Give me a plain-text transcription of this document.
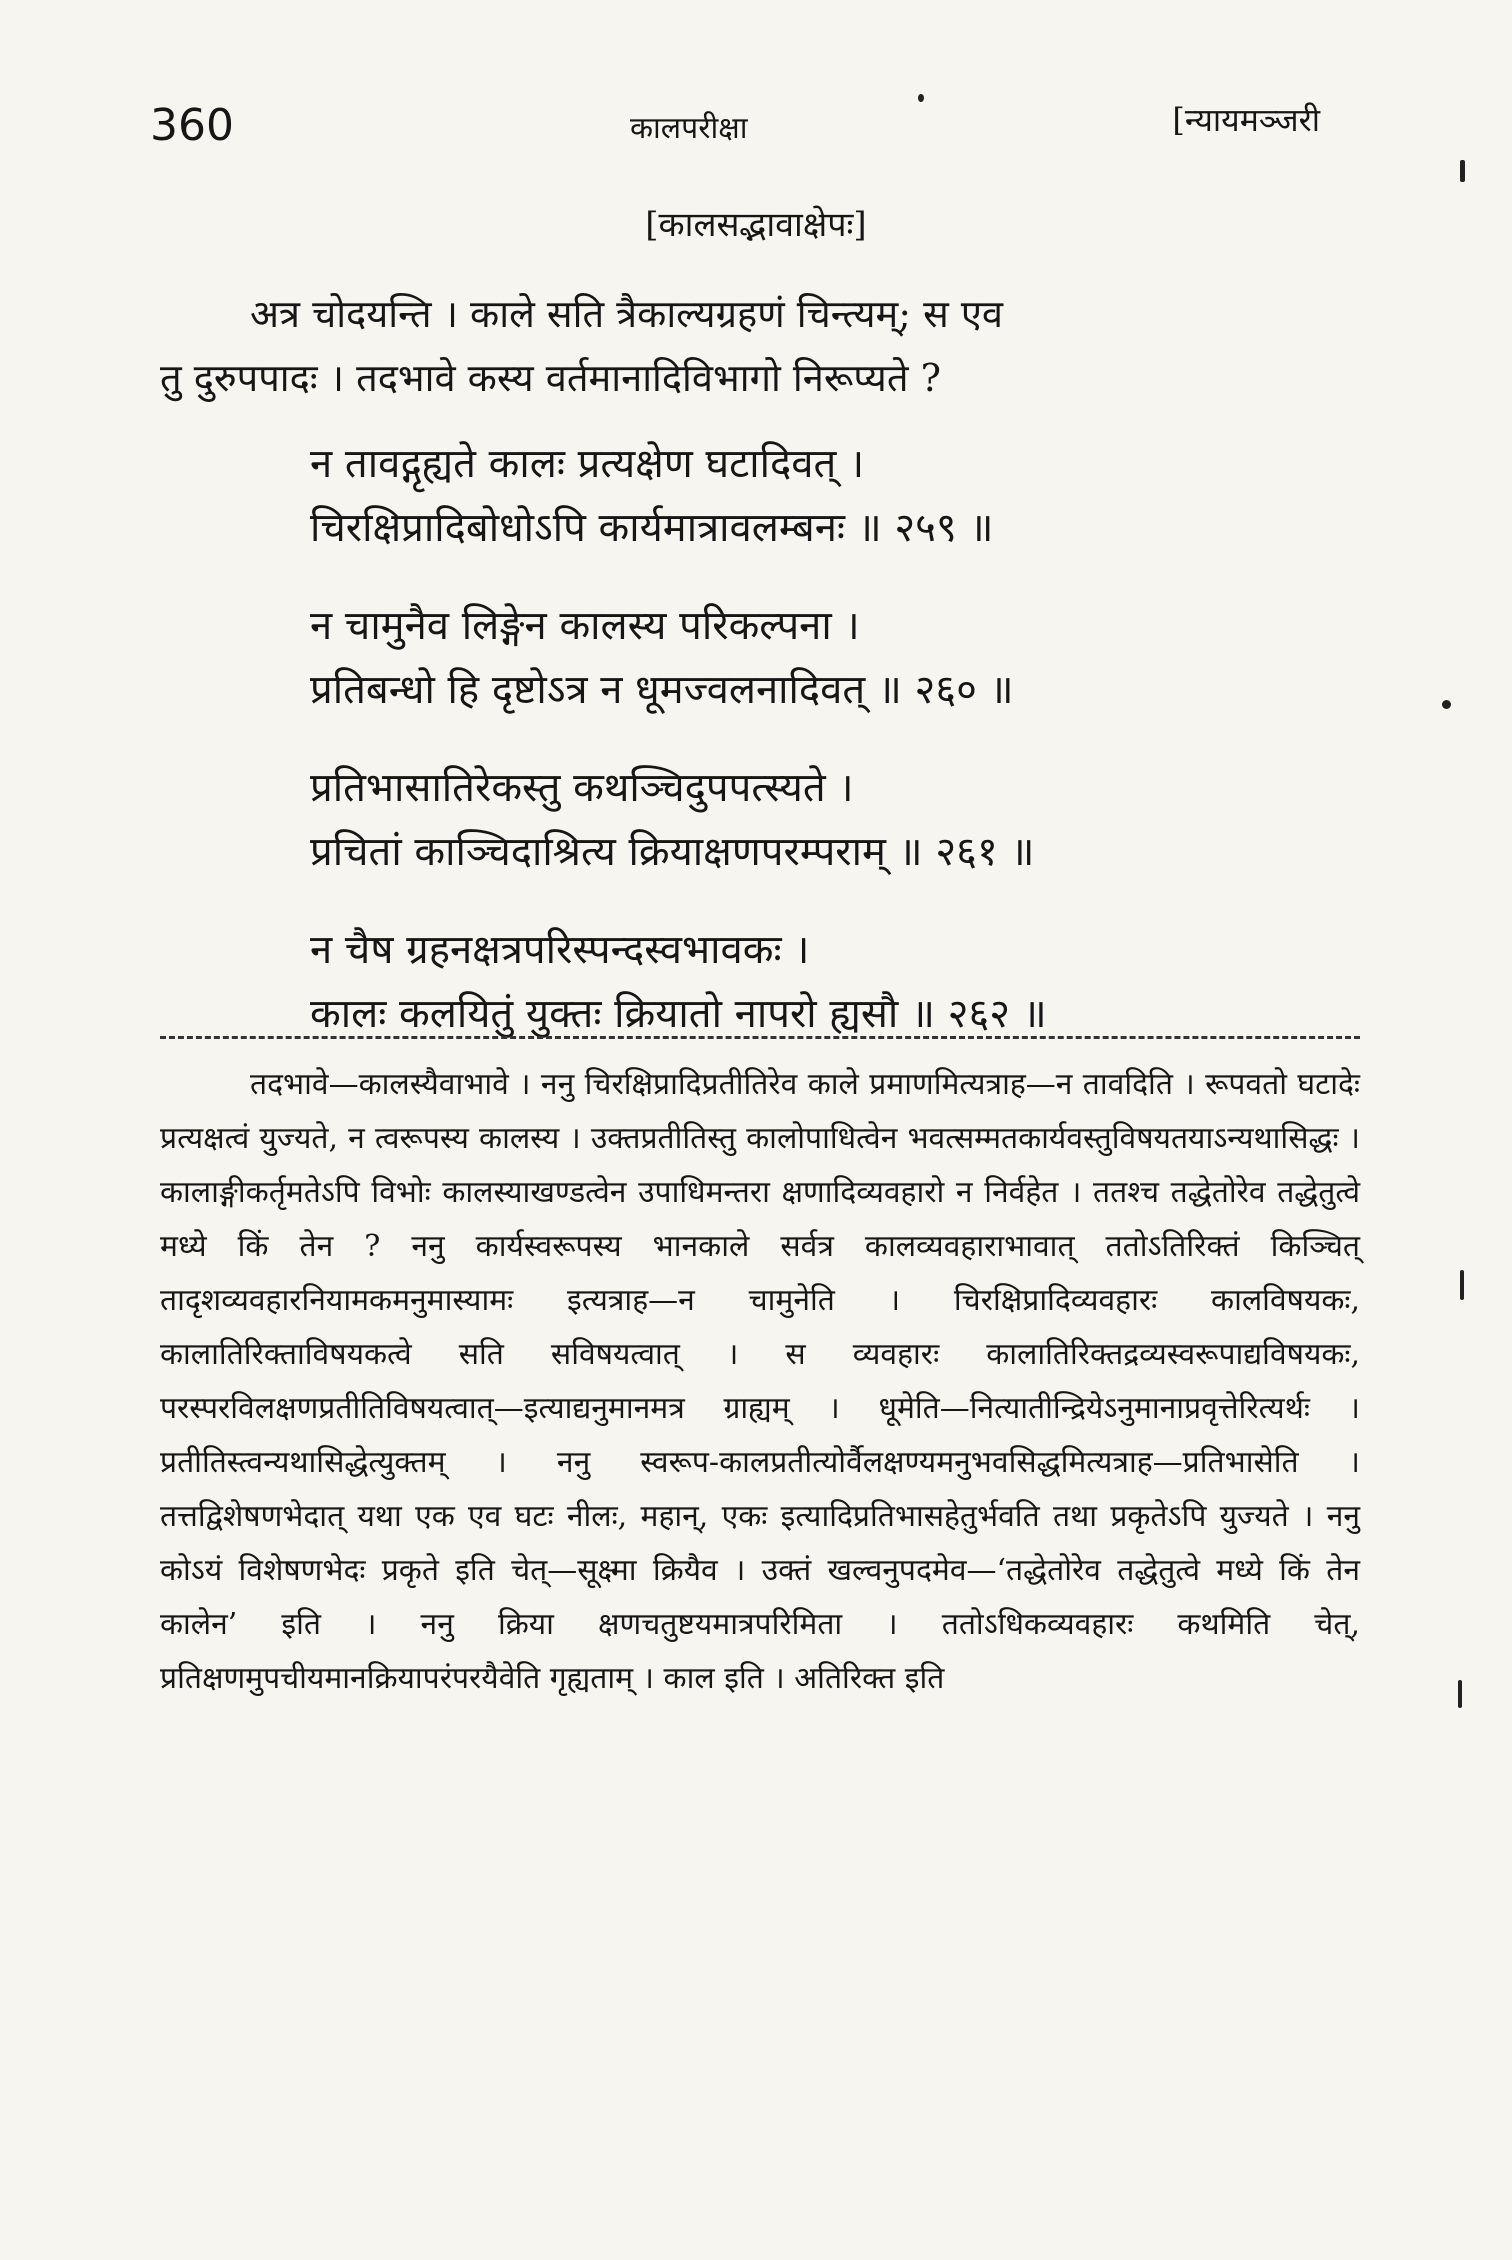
360	कालपरीक्षा	[न्यायमञ्जरी
[कालसद्भावाक्षेपः]

अत्र चोदयन्ति । काले सति त्रैकाल्यग्रहणं चिन्त्यम्; स एव

तु दुरुपपादः । तदभावे कस्य वर्तमानादिविभागो निरूप्यते ?

न तावद्गृह्यते कालः प्रत्यक्षेण घटादिवत् ।
चिरक्षिप्रादिबोधोऽपि कार्यमात्रावलम्बनः ॥ २५९ ॥
न चामुनैव लिङ्गेन कालस्य परिकल्पना ।
प्रतिबन्धो हि दृष्टोऽत्र न धूमज्वलनादिवत् ॥ २६० ॥
प्रतिभासातिरेकस्तु कथञ्चिदुपपत्स्यते ।
प्रचितां काञ्चिदाश्रित्य क्रियाक्षणपरम्पराम् ॥ २६१ ॥
न चैष ग्रहनक्षत्रपरिस्पन्दस्वभावकः ।
कालः कलयितुं युक्तः क्रियातो नापरो ह्यसौ ॥ २६२ ॥

तदभावे—कालस्यैवाभावे । ननु चिरक्षिप्रादिप्रतीतिरेव काले प्रमाणमित्यत्राह—न तावदिति । रूपवतो घटादेः प्रत्यक्षत्वं युज्यते, न त्वरूपस्य कालस्य । उक्तप्रतीतिस्तु कालोपाधित्वेन भवत्सम्मतकार्यवस्तुविषयतयाऽन्यथासिद्धः । कालाङ्गीकर्तृमतेऽपि विभोः कालस्याखण्डत्वेन उपाधिमन्तरा क्षणादिव्यवहारो न निर्वहेत । ततश्च तद्धेतोरेव तद्धेतुत्वे मध्ये किं तेन ? ननु कार्यस्वरूपस्य भानकाले सर्वत्र कालव्यवहाराभावात् ततोऽतिरिक्तं किञ्चित् तादृशव्यवहारनियामकमनुमास्यामः इत्यत्राह—न चामुनेति । चिरक्षिप्रादिव्यवहारः कालविषयकः, कालातिरिक्ताविषयकत्वे सति सविषयत्वात् । स व्यवहारः कालातिरिक्तद्रव्यस्वरूपाद्यविषयकः, परस्परविलक्षणप्रतीतिविषयत्वात्—इत्याद्यनुमानमत्र ग्राह्यम् । धूमेति—नित्यातीन्द्रियेऽनुमानाप्रवृत्तेरित्यर्थः । प्रतीतिस्त्वन्यथासिद्धेत्युक्तम् । ननु स्वरूप-कालप्रतीत्योर्वैलक्षण्यमनुभवसिद्धमित्यत्राह—प्रतिभासेति । तत्तद्विशेषणभेदात् यथा एक एव घटः नीलः, महान्, एकः इत्यादिप्रतिभासहेतुर्भवति तथा प्रकृतेऽपि युज्यते । ननु कोऽयं विशेषणभेदः प्रकृते इति चेत्—सूक्ष्मा क्रियैव । उक्तं खल्वनुपदमेव—‘तद्धेतोरेव तद्धेतुत्वे मध्ये किं तेन कालेन’ इति । ननु क्रिया क्षणचतुष्टयमात्रपरिमिता । ततोऽधिकव्यवहारः कथमिति चेत्, प्रतिक्षणमुपचीयमानक्रियापरंपरयैवेति गृह्यताम् । काल इति । अतिरिक्त इति
